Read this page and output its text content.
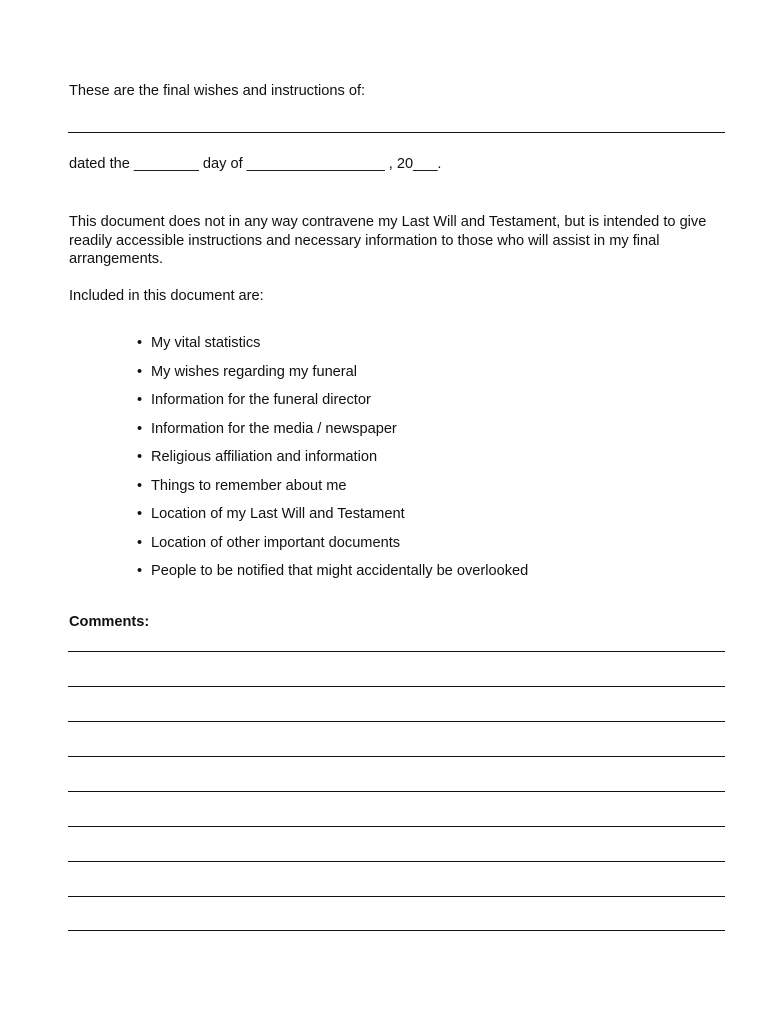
These are the final wishes and instructions of:
dated the ________ day of _________________ , 20___.
This document does not in any way contravene my Last Will and Testament, but is intended to give readily accessible instructions and necessary information to those who will assist in my final arrangements.
Included in this document are:
• My vital statistics
• My wishes regarding my funeral
• Information for the funeral director
• Information for the media / newspaper
• Religious affiliation and information
• Things to remember about me
• Location of my Last Will and Testament
• Location of other important documents
• People to be notified that might accidentally be overlooked
Comments:
